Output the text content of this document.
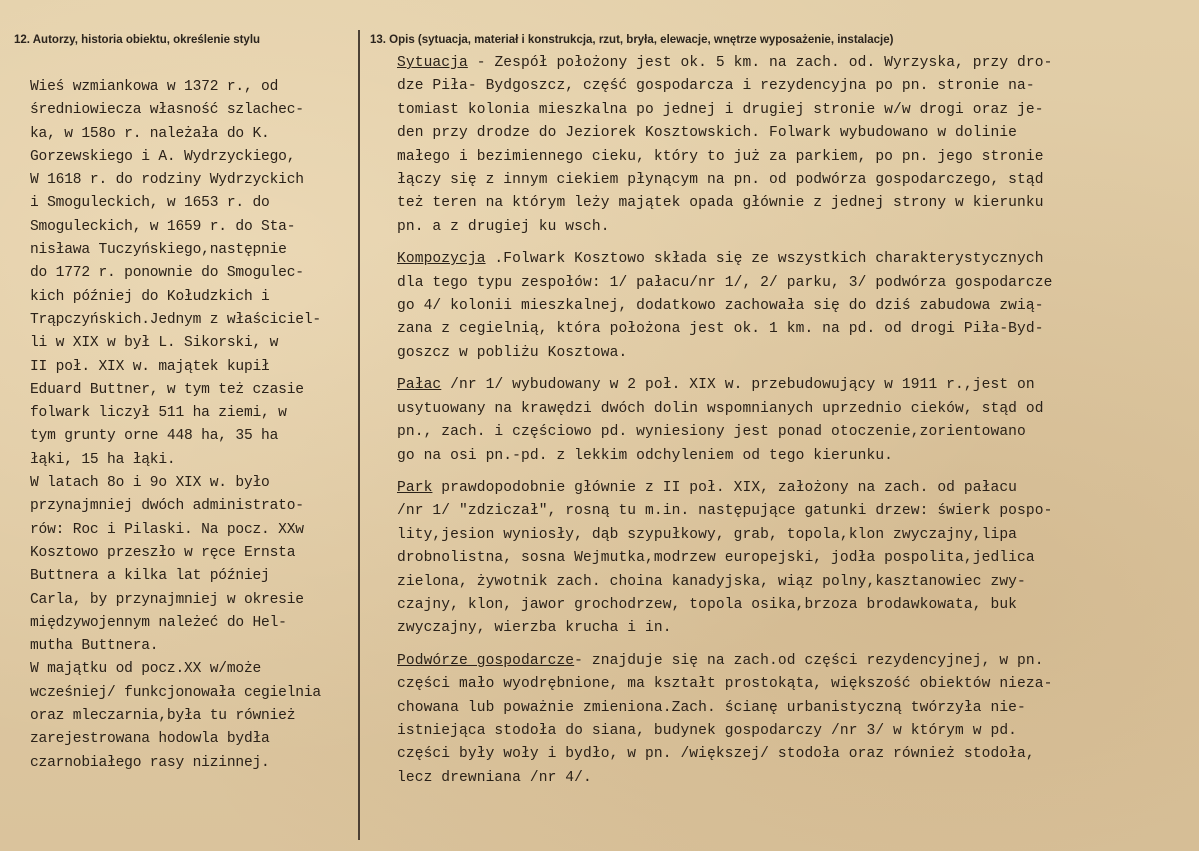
12. Autorzy, historia obiektu, określenie stylu	13. Opis (sytuacja, materiał i konstrukcja, rzut, bryła, elewacje, wnętrze wyposażenie, instalacje)
Wieś wzmiankowa w 1372 r., od
średniowiecza własność szlachec-
ka, w 158o r. należała do K.
Gorzewskiego i A. Wydrzyckiego,
W 1618 r. do rodziny Wydrzyckich
i Smoguleckich, w 1653 r. do
Smoguleckich, w 1659 r. do Sta-
nisława Tuczyńskiego,następnie
do 1772 r. ponownie do Smogulec-
kich później do Kołudzkich i
Trąpczyńskich.Jednym z właściciel-
li w XIX w był L. Sikorski, w
II poł. XIX w. majątek kupił
Eduard Buttner, w tym też czasie
folwark liczył 511 ha ziemi, w
tym grunty orne 448 ha, 35 ha
łąki, 15 ha łąki.
W latach 8o i 9o XIX w. było
przynajmniej dwóch administrato-
rów: Roc i Pilaski. Na pocz. XXw
Kosztowo przeszło w ręce Ernsta
Buttnera a kilka lat później
Carla, by przynajmniej w okresie
międzywojennym należeć do Hel-
mutha Buttnera.
W majątku od pocz.XX w/może
wcześniej/ funkcjonowała cegielnia
oraz mleczarnia,była tu również
zarejestrowana hodowla bydła
czarnobiałego rasy nizinnej.
Sytuacja - Zespół położony jest ok. 5 km. na zach. od. Wyrzyska, przy dro-
dze Piła- Bydgoszcz, część gospodarcza i rezydencyjna po pn. stronie na-
tomiast kolonia mieszkalna po jednej i drugiej stronie w/w drogi oraz je-
den przy drodze do Jeziorek Kosztowskich. Folwark wybudowano w dolinie
małego i bezimiennego cieku, który to już za parkiem, po pn. jego stronie
łączy się z innym ciekiem płynącym na pn. od podwórza gospodarczego, stąd
też teren na którym leży majątek opada głównie z jednej strony w kierunku
pn. a z drugiej ku wsch.
Kompozycja .Folwark Kosztowo składa się ze wszystkich charakterystycznych
dla tego typu zespołów: 1/ pałacu/nr 1/, 2/ parku, 3/ podwórza gospodarcze
go 4/ kolonii mieszkalnej, dodatkowo zachowała się do dziś zabudowa zwią-
zana z cegielnią, która położona jest ok. 1 km. na pd. od drogi Piła-Byd-
goszcz w pobliżu Kosztowa.
Pałac /nr 1/ wybudowany w 2 poł. XIX w. przebudowujący w 1911 r.,jest on
usytuowany na krawędzi dwóch dolin wspomnianych uprzednio cieków, stąd od
pn., zach. i częściowo pd. wyniesiony jest ponad otoczenie,zorientowano
go na osi pn.-pd. z lekkim odchyleniem od tego kierunku.
Park prawdopodobnie głównie z II poł. XIX, założony na zach. od pałacu
/nr 1/ "zdziczał", rosną tu m.in. następujące gatunki drzew: świerk pospo-
lity,jesion wyniosły, dąb szypułkowy, grab, topola,klon zwyczajny,lipa
drobnolistna, sosna Wejmutka,modrzew europejski, jodła pospolita,jedlica
zielona, żywotnik zach. choina kanadyjska, wiąz polny,kasztanowiec zwy-
czajny, klon, jawor grochodrzew, topola osika,brzoza brodawkowata, buk
zwyczajny, wierzba krucha i in.
Podwórze gospodarcze- znajduje się na zach.od części rezydencyjnej, w pn.
części mało wyodrębnione, ma kształt prostokąta, większość obiektów nieza-
chowana lub poważnie zmieniona.Zach. ścianę urbanistyczną twórzyła nie-
istniejąca stodoła do siana, budynek gospodarczy /nr 3/ w którym w pd.
części były woły i bydło, w pn. /większej/ stodoła oraz również stodoła,
lecz drewniana /nr 4/.
